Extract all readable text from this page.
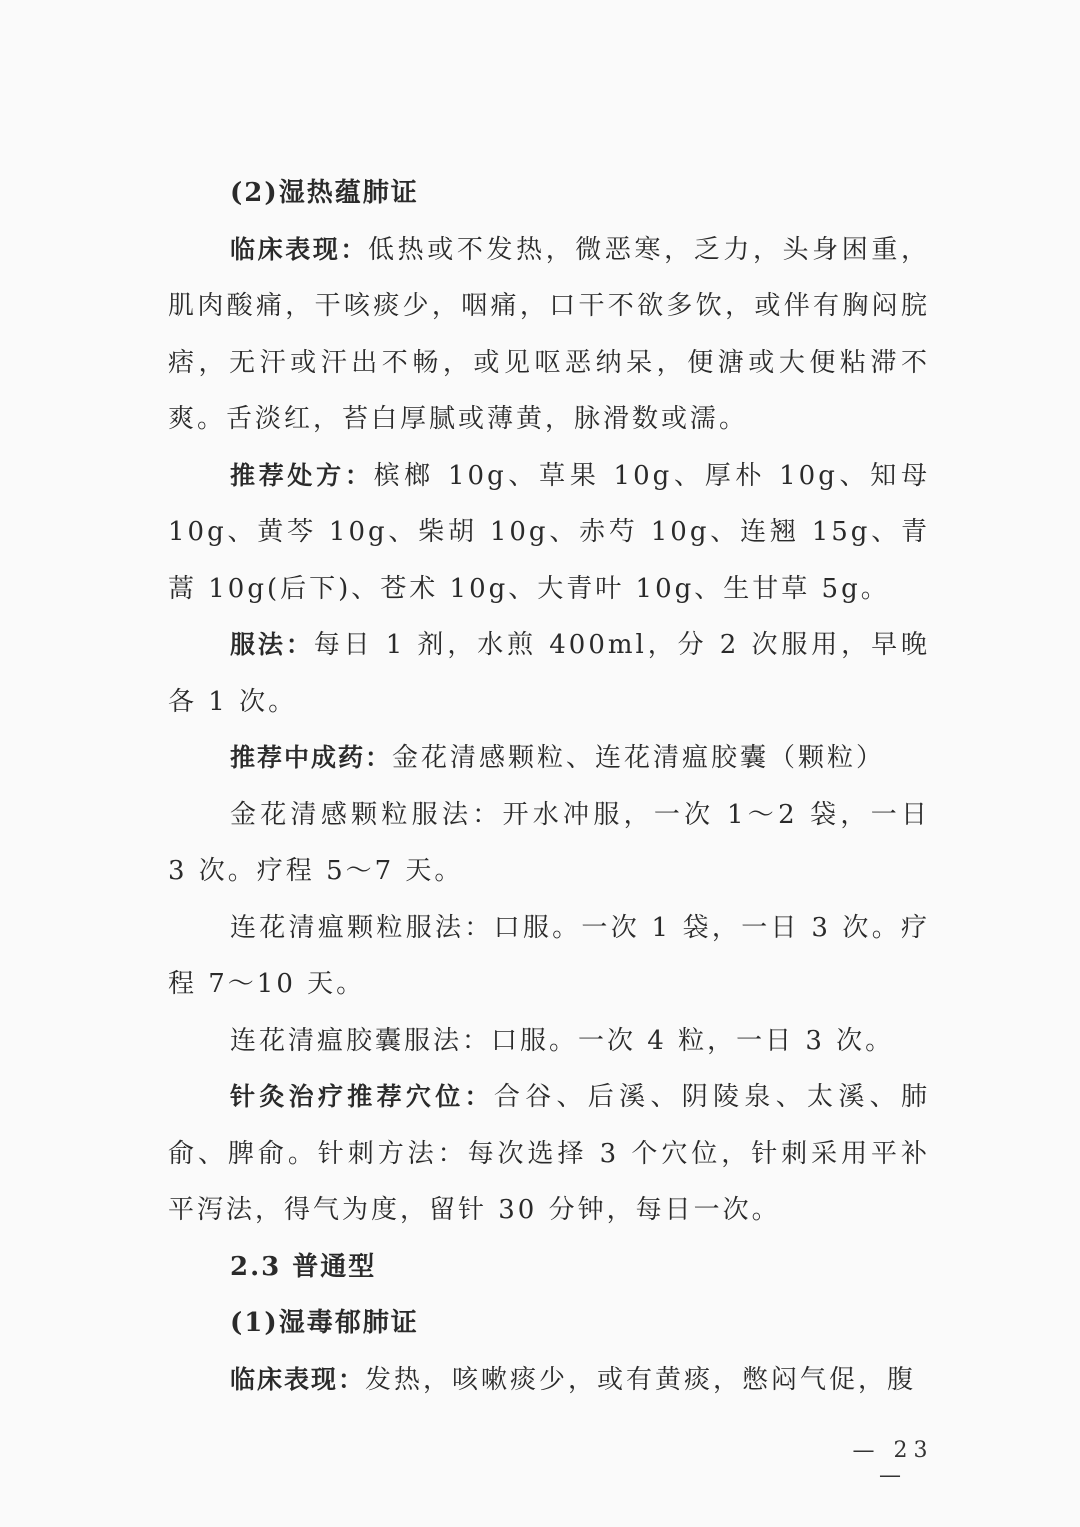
(2)湿热蕴肺证

临床表现：低热或不发热，微恶寒，乏力，头身困重，肌肉酸痛，干咳痰少，咽痛，口干不欲多饮，或伴有胸闷脘痞，无汗或汗出不畅，或见呕恶纳呆，便溏或大便粘滞不爽。舌淡红，苔白厚腻或薄黄，脉滑数或濡。

推荐处方：槟榔 10g、草果 10g、厚朴 10g、知母 10g、黄芩 10g、柴胡 10g、赤芍 10g、连翘 15g、青蒿 10g(后下)、苍术 10g、大青叶 10g、生甘草 5g。

服法：每日 1 剂，水煎 400ml，分 2 次服用，早晚各 1 次。

推荐中成药：金花清感颗粒、连花清瘟胶囊（颗粒）

金花清感颗粒服法：开水冲服，一次 1～2 袋，一日 3 次。疗程 5～7 天。

连花清瘟颗粒服法：口服。一次 1 袋，一日 3 次。疗程 7～10 天。

连花清瘟胶囊服法：口服。一次 4 粒，一日 3 次。

针灸治疗推荐穴位：合谷、后溪、阴陵泉、太溪、肺俞、脾俞。针刺方法：每次选择 3 个穴位，针刺采用平补平泻法，得气为度，留针 30 分钟，每日一次。

2.3 普通型

(1)湿毒郁肺证

临床表现：发热，咳嗽痰少，或有黄痰，憋闷气促，腹

— 23 —
